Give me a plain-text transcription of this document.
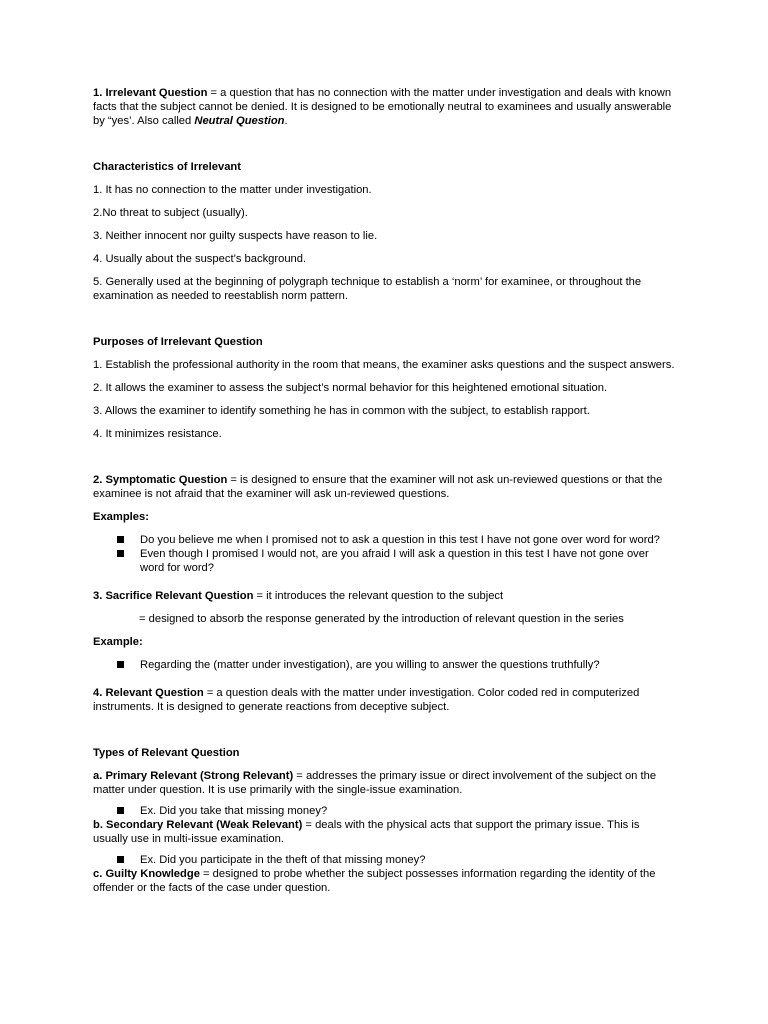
1. Irrelevant Question = a question that has no connection with the matter under investigation and deals with known facts that the subject cannot be denied. It is designed to be emotionally neutral to examinees and usually answerable by “yes’. Also called Neutral Question.

Characteristics of Irrelevant

1. It has no connection to the matter under investigation.

2.No threat to subject (usually).

3. Neither innocent nor guilty suspects have reason to lie.

4. Usually about the suspect’s background.

5. Generally used at the beginning of polygraph technique to establish a ‘norm’ for examinee, or throughout the examination as needed to reestablish norm pattern.

Purposes of Irrelevant Question

1. Establish the professional authority in the room that means, the examiner asks questions and the suspect answers.

2. It allows the examiner to assess the subject’s normal behavior for this heightened emotional situation.

3. Allows the examiner to identify something he has in common with the subject, to establish rapport.

4. It minimizes resistance.

2. Symptomatic Question = is designed to ensure that the examiner will not ask un-reviewed questions or that the examinee is not afraid that the examiner will ask un-reviewed questions.

Examples:

Do you believe me when I promised not to ask a question in this test I have not gone over word for word?
Even though I promised I would not, are you afraid I will ask a question in this test I have not gone over word for word?

3. Sacrifice Relevant Question = it introduces the relevant question to the subject

= designed to absorb the response generated by the introduction of relevant question in the series

Example:

Regarding the (matter under investigation), are you willing to answer the questions truthfully?

4. Relevant Question = a question deals with the matter under investigation. Color coded red in computerized instruments. It is designed to generate reactions from deceptive subject.

Types of Relevant Question

a. Primary Relevant (Strong Relevant) = addresses the primary issue or direct involvement of the subject on the matter under question. It is use primarily with the single-issue examination.

Ex. Did you take that missing money?

b. Secondary Relevant (Weak Relevant) = deals with the physical acts that support the primary issue. This is usually use in multi-issue examination.

Ex. Did you participate in the theft of that missing money?

c. Guilty Knowledge = designed to probe whether the subject possesses information regarding the identity of the offender or the facts of the case under question.
